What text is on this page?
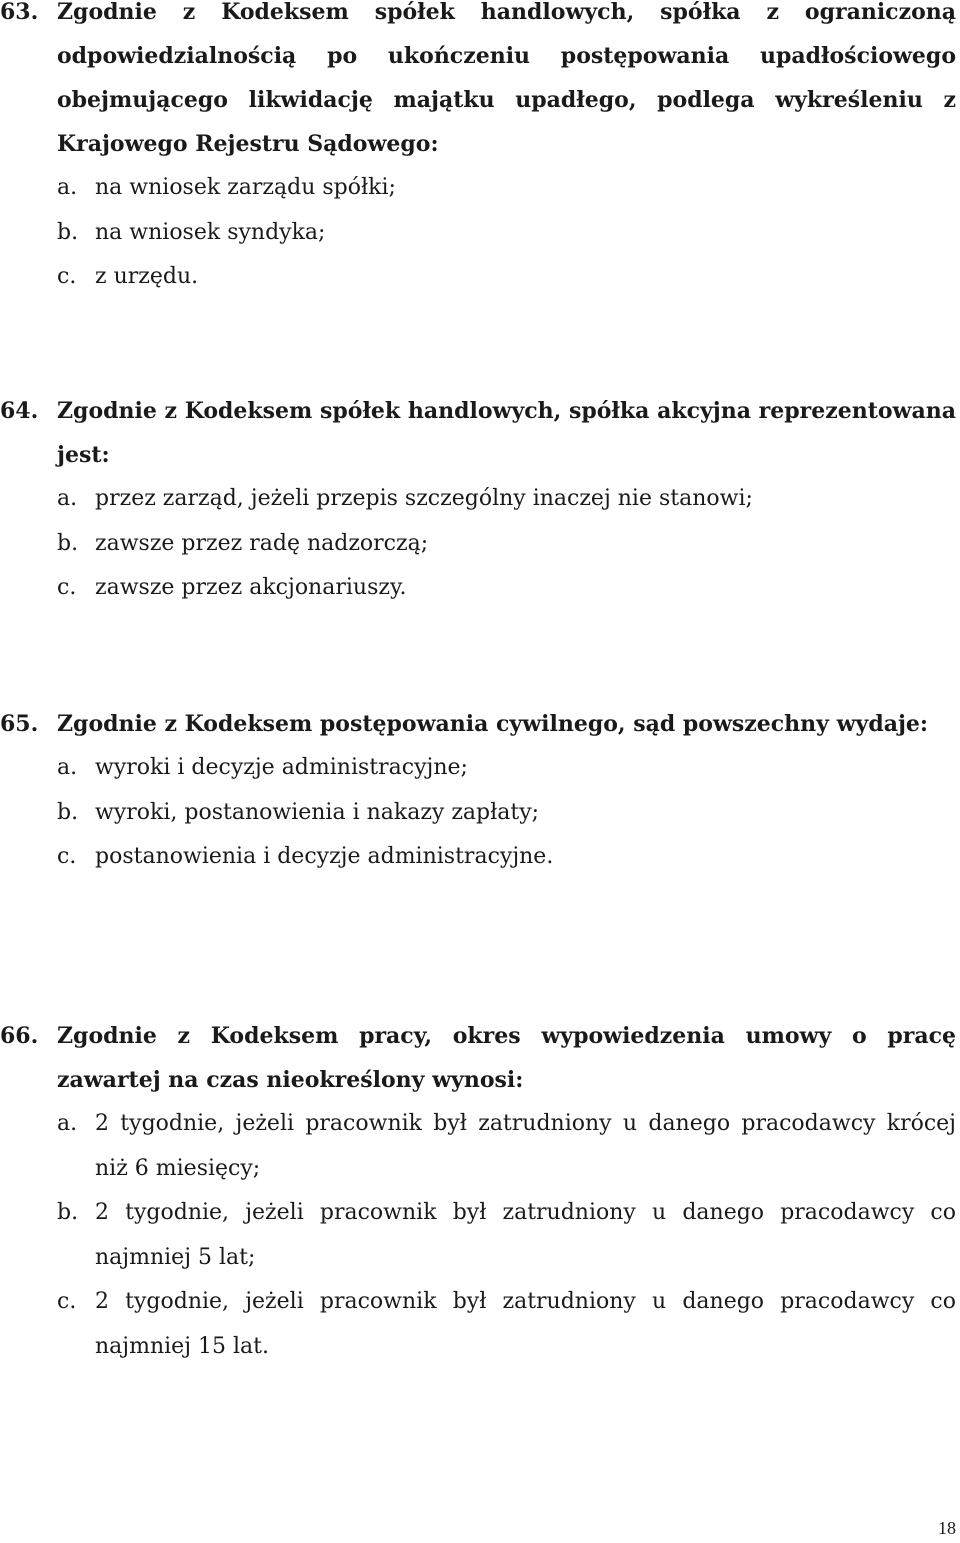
63. Zgodnie z Kodeksem spółek handlowych, spółka z ograniczoną odpowiedzialnością po ukończeniu postępowania upadłościowego obejmującego likwidację majątku upadłego, podlega wykreśleniu z Krajowego Rejestru Sądowego:
a. na wniosek zarządu spółki;
b. na wniosek syndyka;
c. z urzędu.
64. Zgodnie z Kodeksem spółek handlowych, spółka akcyjna reprezentowana jest:
a. przez zarząd, jeżeli przepis szczególny inaczej nie stanowi;
b. zawsze przez radę nadzorczą;
c. zawsze przez akcjonariuszy.
65. Zgodnie z Kodeksem postępowania cywilnego, sąd powszechny wydaje:
a. wyroki i decyzje administracyjne;
b. wyroki, postanowienia i nakazy zapłaty;
c. postanowienia i decyzje administracyjne.
66. Zgodnie z Kodeksem pracy, okres wypowiedzenia umowy o pracę zawartej na czas nieokreślony wynosi:
a. 2 tygodnie, jeżeli pracownik był zatrudniony u danego pracodawcy krócej niż 6 miesięcy;
b. 2 tygodnie, jeżeli pracownik był zatrudniony u danego pracodawcy co najmniej 5 lat;
c. 2 tygodnie, jeżeli pracownik był zatrudniony u danego pracodawcy co najmniej 15 lat.
18
